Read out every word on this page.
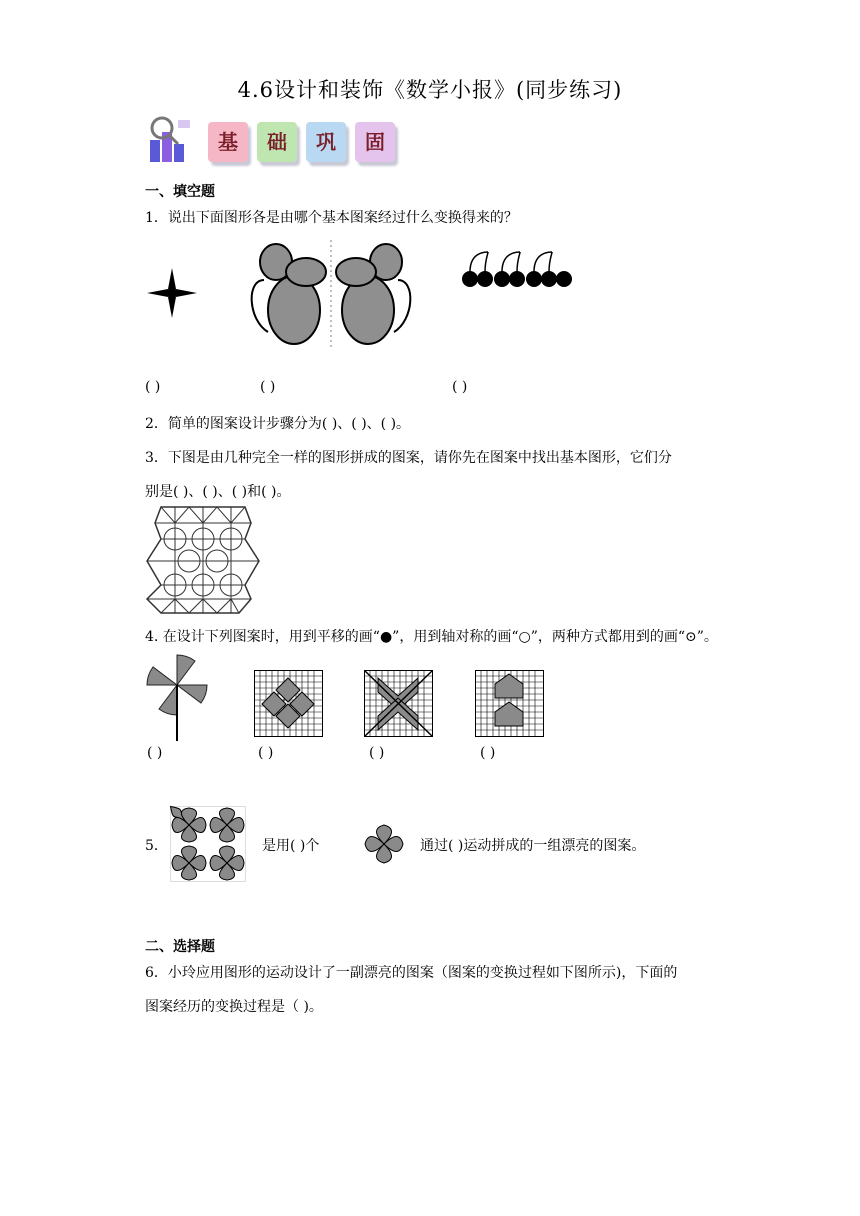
4.6设计和装饰《数学小报》(同步练习)
基	础	巩	固
一、填空题
1．说出下面图形各是由哪个基本图案经过什么变换得来的？
( )	( )	( )
2．简单的图案设计步骤分为( )、( )、( )。
3．下图是由几种完全一样的图形拼成的图案，请你先在图案中找出基本图形，它们分
别是( )、( )、( )和( )。
4. 在设计下列图案时，用到平移的画“●”，用到轴对称的画“○”，两种方式都用到的画“⊙”。
( )	( )	( )	( )
5．	是用( )个	通过( )运动拼成的一组漂亮的图案。
二、选择题
6．小玲应用图形的运动设计了一副漂亮的图案（图案的变换过程如下图所示)，下面的
图案经历的变换过程是（ )。
